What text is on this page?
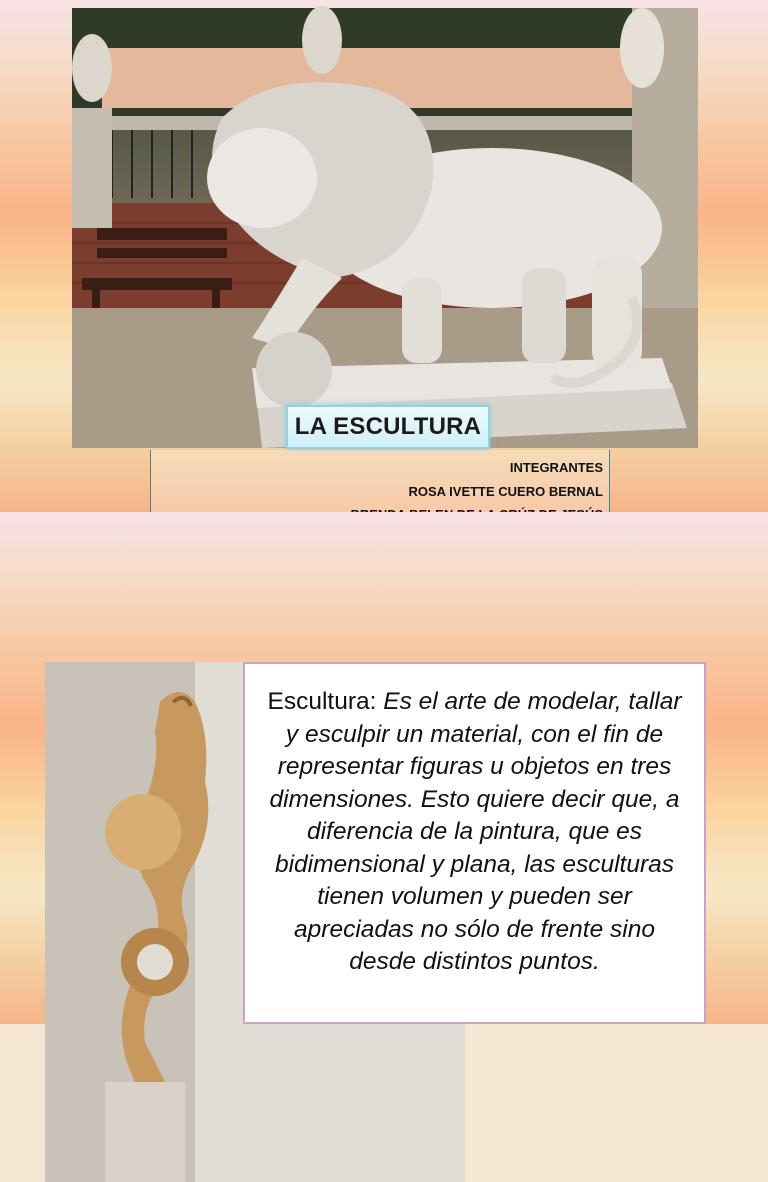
LA ESCULTURA
INTEGRANTES
ROSA IVETTE CUERO BERNAL

Escultura: Es el arte de modelar, tallar y esculpir un material, con el fin de representar figuras u objetos en tres dimensiones. Esto quiere decir que, a diferencia de la pintura, que es bidimensional y plana, las esculturas tienen volumen y pueden ser apreciadas no sólo de frente sino desde distintos puntos.
